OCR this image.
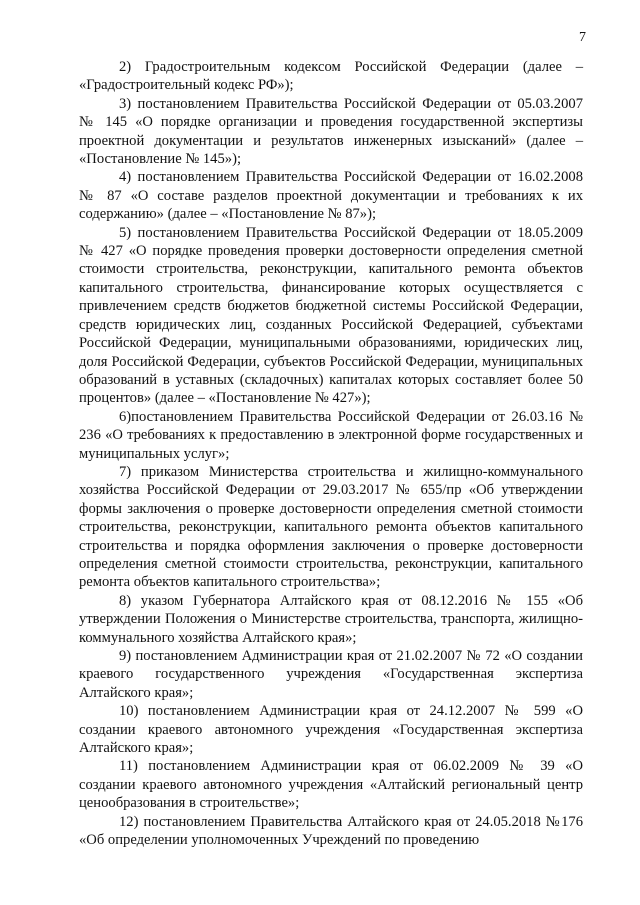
7

2) Градостроительным кодексом Российской Федерации (далее – «Градостроительный кодекс РФ»);

3) постановлением Правительства Российской Федерации от 05.03.2007 № 145 «О порядке организации и проведения государственной экспертизы проектной документации и результатов инженерных изысканий» (далее – «Постановление № 145»);

4) постановлением Правительства Российской Федерации от 16.02.2008 № 87 «О составе разделов проектной документации и требованиях к их содержанию» (далее – «Постановление № 87»);

5) постановлением Правительства Российской Федерации от 18.05.2009 № 427 «О порядке проведения проверки достоверности определения сметной стоимости строительства, реконструкции, капитального ремонта объектов капитального строительства, финансирование которых осуществляется с привлечением средств бюджетов бюджетной системы Российской Федерации, средств юридических лиц, созданных Российской Федерацией, субъектами Российской Федерации, муниципальными образованиями, юридических лиц, доля Российской Федерации, субъектов Российской Федерации, муниципальных образований в уставных (складочных) капиталах которых составляет более 50 процентов» (далее – «Постановление № 427»);

6)постановлением Правительства Российской Федерации от 26.03.16 № 236 «О требованиях к предоставлению в электронной форме государственных и муниципальных услуг»;

7) приказом Министерства строительства и жилищно-коммунального хозяйства Российской Федерации от 29.03.2017 № 655/пр «Об утверждении формы заключения о проверке достоверности определения сметной стоимости строительства, реконструкции, капитального ремонта объектов капитального строительства и порядка оформления заключения о проверке достоверности определения сметной стоимости строительства, реконструкции, капитального ремонта объектов капитального строительства»;

8) указом Губернатора Алтайского края от 08.12.2016 № 155 «Об утверждении Положения о Министерстве строительства, транспорта, жилищно-коммунального хозяйства Алтайского края»;

9) постановлением Администрации края от 21.02.2007 № 72 «О создании краевого государственного учреждения «Государственная экспертиза Алтайского края»;

10) постановлением Администрации края от 24.12.2007 № 599 «О создании краевого автономного учреждения «Государственная экспертиза Алтайского края»;

11) постановлением Администрации края от 06.02.2009 № 39 «О создании краевого автономного учреждения «Алтайский региональный центр ценообразования в строительстве»;

12) постановлением Правительства Алтайского края от 24.05.2018 №176 «Об определении уполномоченных Учреждений по проведению
